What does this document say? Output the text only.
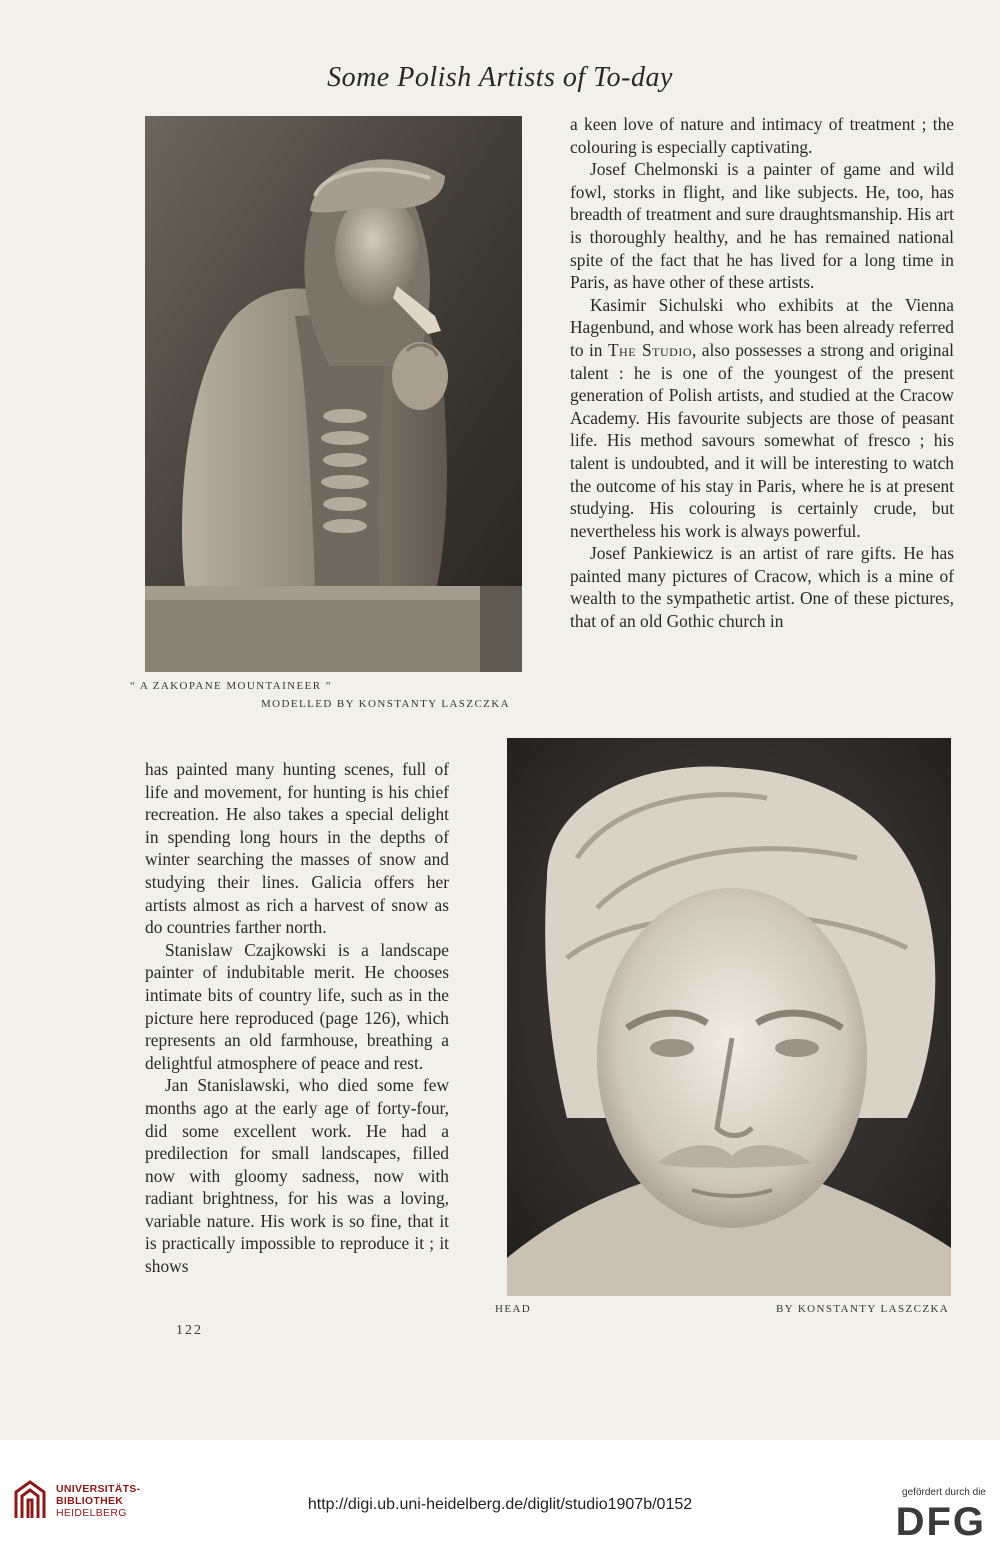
Some Polish Artists of To-day
“ A ZAKOPANE MOUNTAINEER ”
MODELLED BY KONSTANTY LASZCZKA

a keen love of nature and intimacy of treatment ; the colouring is especially captivating.

Josef Chelmonski is a painter of game and wild fowl, storks in flight, and like subjects. He, too, has breadth of treatment and sure draughtsmanship. His art is thoroughly healthy, and he has remained national spite of the fact that he has lived for a long time in Paris, as have other of these artists.

Kasimir Sichulski who exhibits at the Vienna Hagenbund, and whose work has been already referred to in The Studio, also possesses a strong and original talent : he is one of the youngest of the present generation of Polish artists, and studied at the Cracow Academy. His favourite subjects are those of peasant life. His method savours somewhat of fresco ; his talent is undoubted, and it will be interesting to watch the outcome of his stay in Paris, where he is at present studying. His colouring is certainly crude, but nevertheless his work is always powerful.

Josef Pankiewicz is an artist of rare gifts. He has painted many pictures of Cracow, which is a mine of wealth to the sympathetic artist. One of these pictures, that of an old Gothic church in

has painted many hunting scenes, full of life and movement, for hunting is his chief recreation. He also takes a special delight in spending long hours in the depths of winter searching the masses of snow and studying their lines. Galicia offers her artists almost as rich a harvest of snow as do countries farther north.

Stanislaw Czajkowski is a landscape painter of indubitable merit. He chooses intimate bits of country life, such as in the picture here reproduced (page 126), which represents an old farmhouse, breathing a delightful atmosphere of peace and rest.

Jan Stanislawski, who died some few months ago at the early age of forty-four, did some excellent work. He had a predilection for small landscapes, filled now with gloomy sadness, now with radiant brightness, for his was a loving, variable nature. His work is so fine, that it is practically impossible to reproduce it ; it shows

HEAD	BY KONSTANTY LASZCZKA
122
UNIVERSITÄTS-
BIBLIOTHEK
HEIDELBERG	http://digi.ub.uni-heidelberg.de/diglit/studio1907b/0152
gefördert durch die
DFG
